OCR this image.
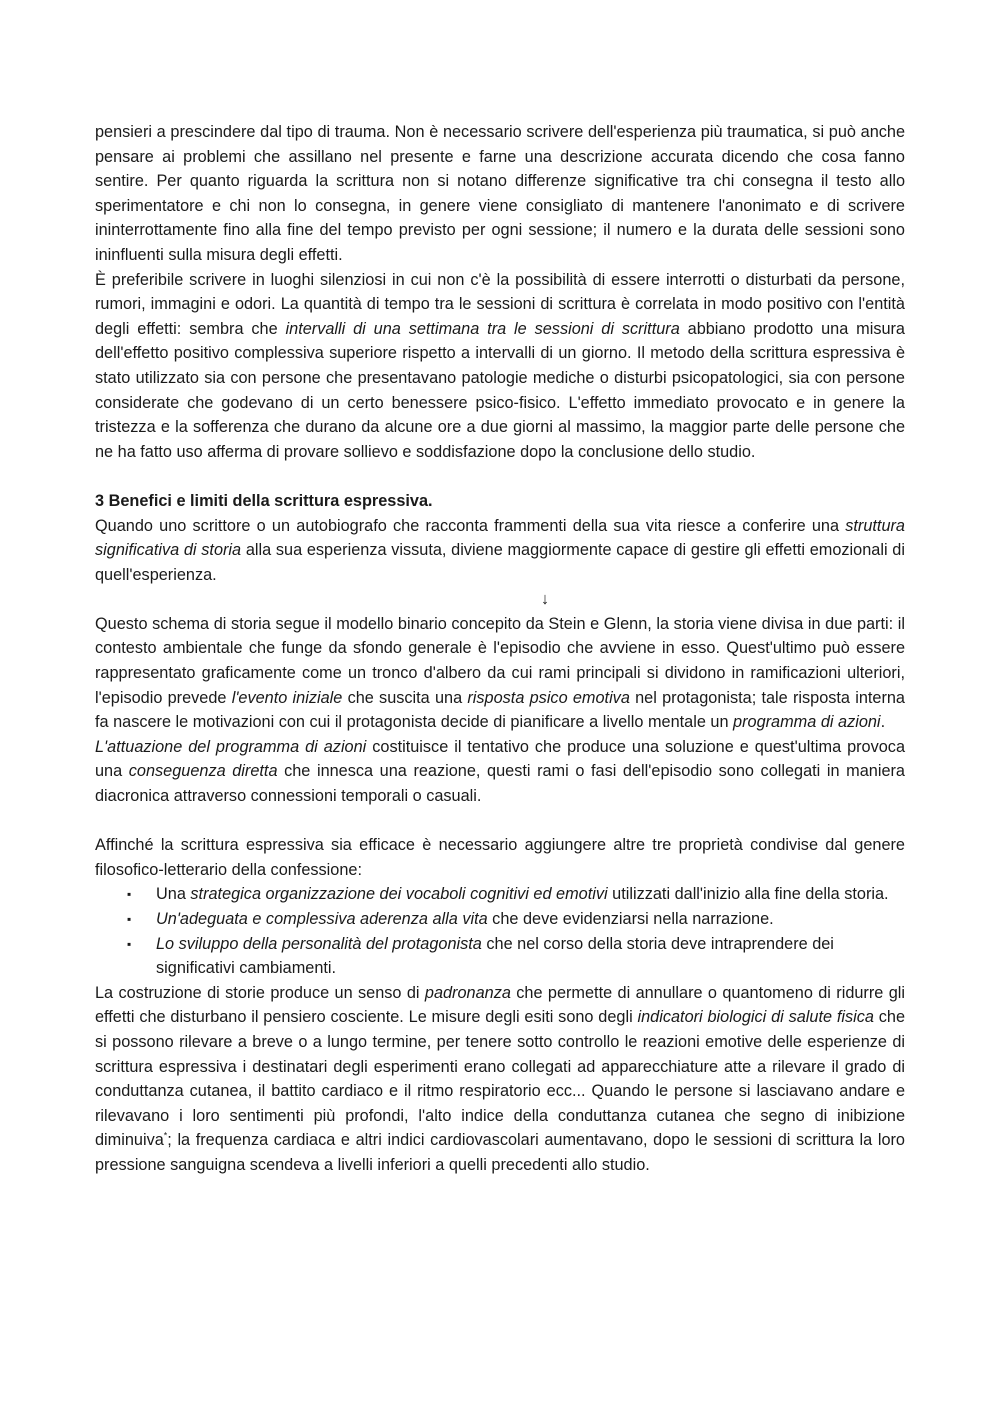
pensieri a prescindere dal tipo di trauma. Non è necessario scrivere dell'esperienza più traumatica, si può anche pensare ai problemi che assillano nel presente e farne una descrizione accurata dicendo che cosa fanno sentire. Per quanto riguarda la scrittura non si notano differenze significative tra chi consegna il testo allo sperimentatore e chi non lo consegna, in genere viene consigliato di mantenere l'anonimato e di scrivere ininterrottamente fino alla fine del tempo previsto per ogni sessione; il numero e la durata delle sessioni sono ininfluenti sulla misura degli effetti.

È preferibile scrivere in luoghi silenziosi in cui non c'è la possibilità di essere interrotti o disturbati da persone, rumori, immagini e odori. La quantità di tempo tra le sessioni di scrittura è correlata in modo positivo con l'entità degli effetti: sembra che intervalli di una settimana tra le sessioni di scrittura abbiano prodotto una misura dell'effetto positivo complessiva superiore rispetto a intervalli di un giorno. Il metodo della scrittura espressiva è stato utilizzato sia con persone che presentavano patologie mediche o disturbi psicopatologici, sia con persone considerate che godevano di un certo benessere psico-fisico. L'effetto immediato provocato e in genere la tristezza e la sofferenza che durano da alcune ore a due giorni al massimo, la maggior parte delle persone che ne ha fatto uso afferma di provare sollievo e soddisfazione dopo la conclusione dello studio.

3 Benefici e limiti della scrittura espressiva.

Quando uno scrittore o un autobiografo che racconta frammenti della sua vita riesce a conferire una struttura significativa di storia alla sua esperienza vissuta, diviene maggiormente capace di gestire gli effetti emozionali di quell'esperienza.

↓

Questo schema di storia segue il modello binario concepito da Stein e Glenn, la storia viene divisa in due parti: il contesto ambientale che funge da sfondo generale è l'episodio che avviene in esso. Quest'ultimo può essere rappresentato graficamente come un tronco d'albero da cui rami principali si dividono in ramificazioni ulteriori, l'episodio prevede l'evento iniziale che suscita una risposta psico emotiva nel protagonista; tale risposta interna fa nascere le motivazioni con cui il protagonista decide di pianificare a livello mentale un programma di azioni.

L'attuazione del programma di azioni costituisce il tentativo che produce una soluzione e quest'ultima provoca una conseguenza diretta che innesca una reazione, questi rami o fasi dell'episodio sono collegati in maniera diacronica attraverso connessioni temporali o casuali.

Affinché la scrittura espressiva sia efficace è necessario aggiungere altre tre proprietà condivise dal genere filosofico-letterario della confessione:

▪ Una strategica organizzazione dei vocaboli cognitivi ed emotivi utilizzati dall'inizio alla fine della storia.
▪ Un'adeguata e complessiva aderenza alla vita che deve evidenziarsi nella narrazione.
▪ Lo sviluppo della personalità del protagonista che nel corso della storia deve intraprendere dei significativi cambiamenti.

La costruzione di storie produce un senso di padronanza che permette di annullare o quantomeno di ridurre gli effetti che disturbano il pensiero cosciente. Le misure degli esiti sono degli indicatori biologici di salute fisica che si possono rilevare a breve o a lungo termine, per tenere sotto controllo le reazioni emotive delle esperienze di scrittura espressiva i destinatari degli esperimenti erano collegati ad apparecchiature atte a rilevare il grado di conduttanza cutanea, il battito cardiaco e il ritmo respiratorio ecc... Quando le persone si lasciavano andare e rilevavano i loro sentimenti più profondi, l'alto indice della conduttanza cutanea che segno di inibizione diminuiva*; la frequenza cardiaca e altri indici cardiovascolari aumentavano, dopo le sessioni di scrittura la loro pressione sanguigna scendeva a livelli inferiori a quelli precedenti allo studio.
